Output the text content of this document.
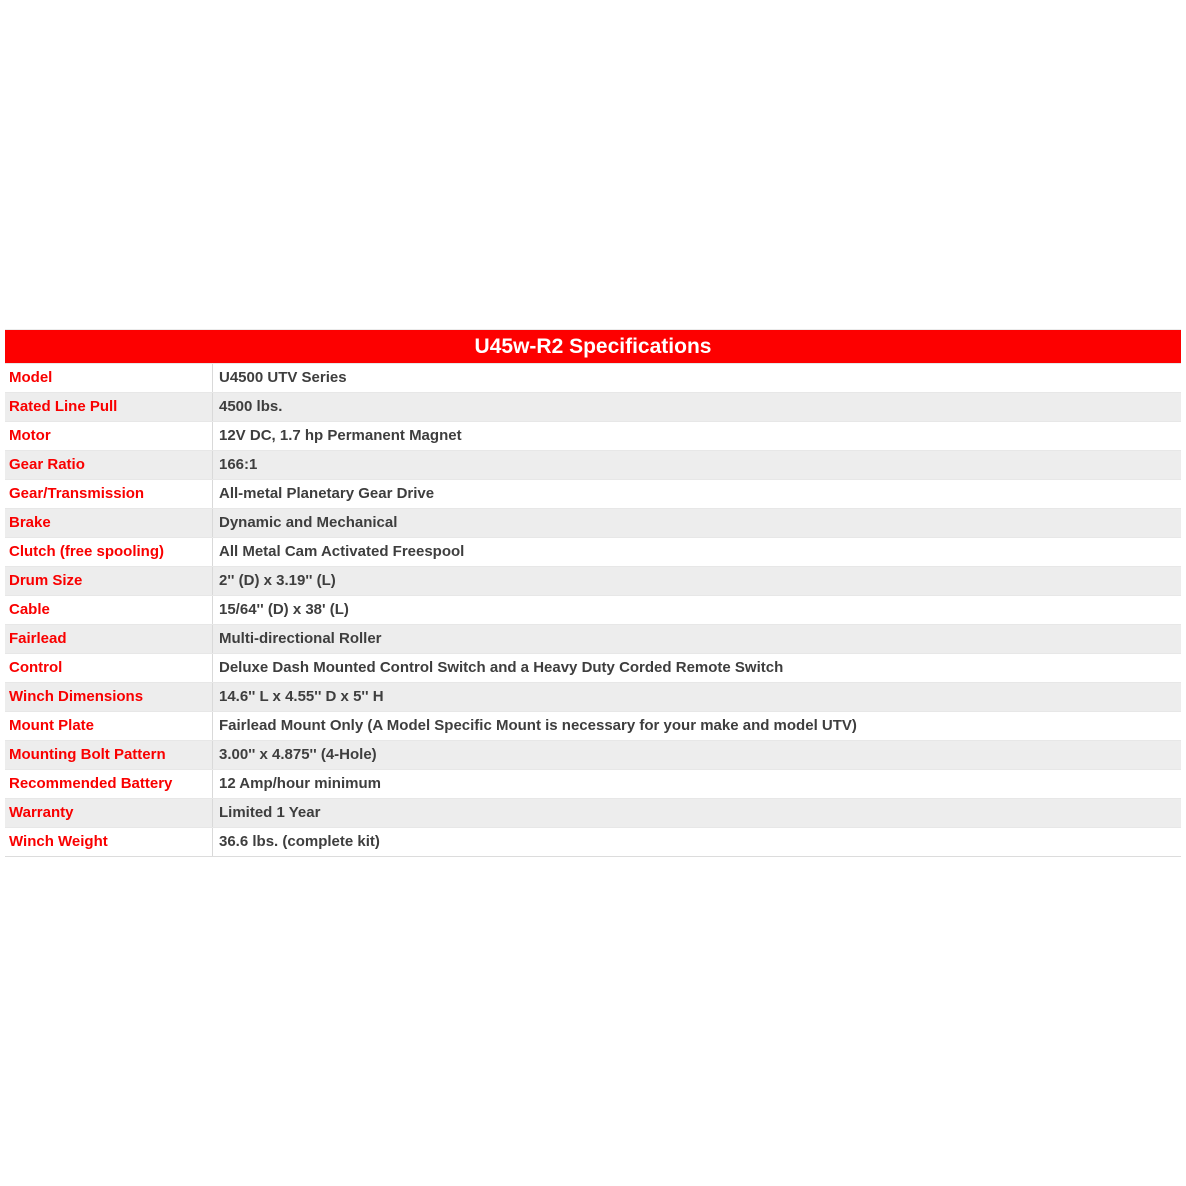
U45w-R2 Specifications
Model	U4500 UTV Series
Rated Line Pull	4500 lbs.
Motor	12V DC, 1.7 hp Permanent Magnet
Gear Ratio	166:1
Gear/Transmission	All-metal Planetary Gear Drive
Brake	Dynamic and Mechanical
Clutch (free spooling)	All Metal Cam Activated Freespool
Drum Size	2'' (D) x 3.19'' (L)
Cable	15/64'' (D) x 38' (L)
Fairlead	Multi-directional Roller
Control	Deluxe Dash Mounted Control Switch and a Heavy Duty Corded Remote Switch
Winch Dimensions	14.6'' L x 4.55'' D x 5'' H
Mount Plate	Fairlead Mount Only (A Model Specific Mount is necessary for your make and model UTV)
Mounting Bolt Pattern	3.00'' x 4.875'' (4-Hole)
Recommended Battery	12 Amp/hour minimum
Warranty	Limited 1 Year
Winch Weight	36.6 lbs. (complete kit)
